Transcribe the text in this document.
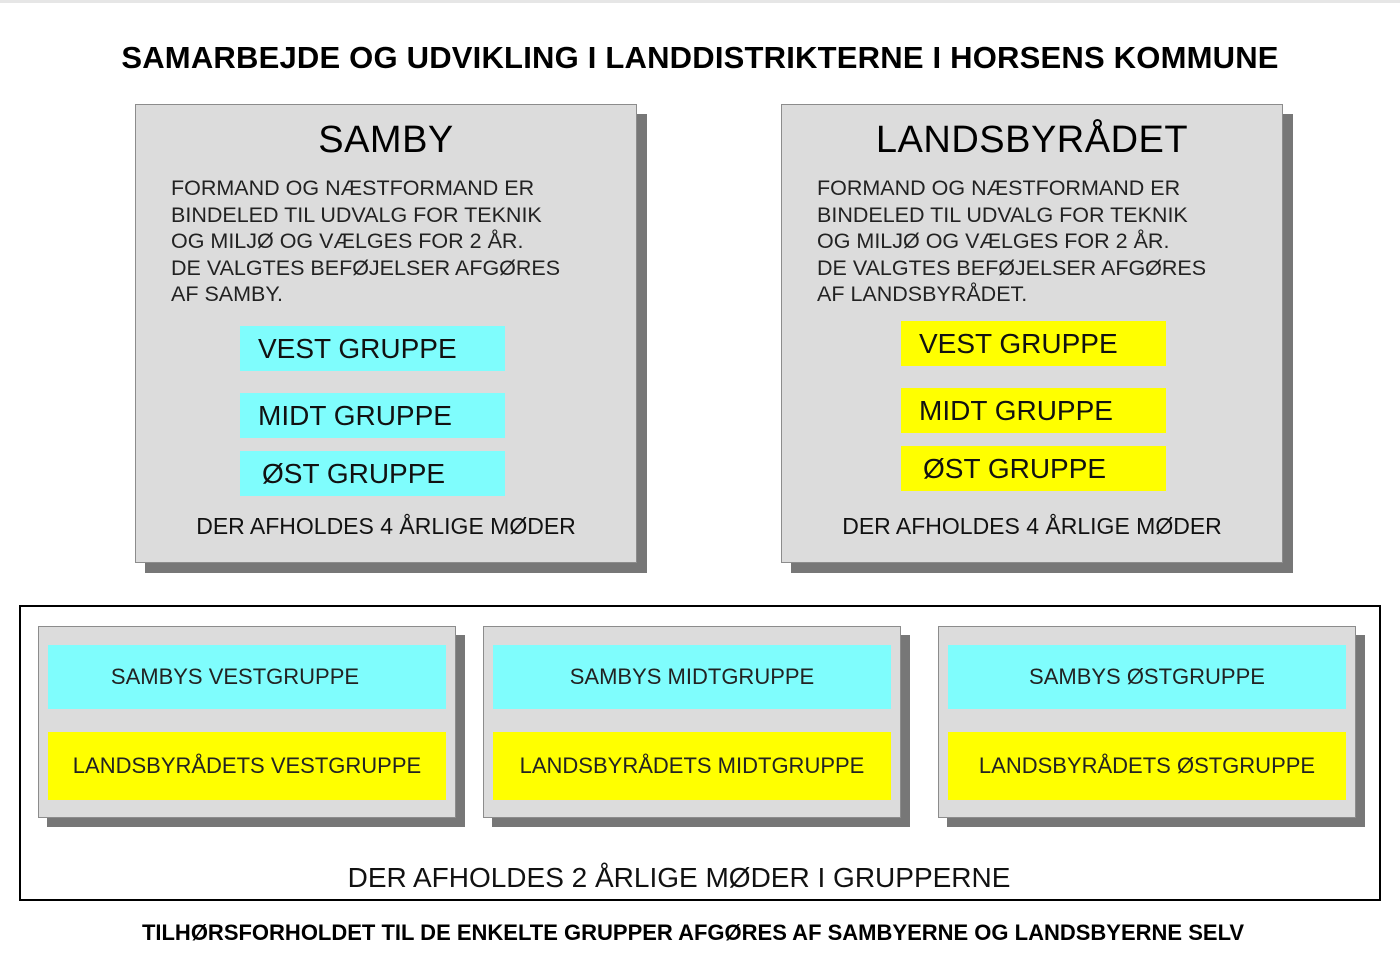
SAMARBEJDE OG UDVIKLING I LANDDISTRIKTERNE I HORSENS KOMMUNE
SAMBY
FORMAND OG NÆSTFORMAND ER
BINDELED TIL UDVALG FOR TEKNIK
OG MILJØ OG VÆLGES FOR 2 ÅR.
DE VALGTES BEFØJELSER AFGØRES
AF SAMBY.
VEST GRUPPE
MIDT GRUPPE
ØST GRUPPE
DER AFHOLDES 4 ÅRLIGE MØDER
LANDSBYRÅDET
FORMAND OG NÆSTFORMAND ER
BINDELED TIL UDVALG FOR TEKNIK
OG MILJØ OG VÆLGES FOR 2 ÅR.
DE VALGTES BEFØJELSER AFGØRES
AF LANDSBYRÅDET.
VEST GRUPPE
MIDT GRUPPE
ØST GRUPPE
DER AFHOLDES 4 ÅRLIGE MØDER
SAMBYS VESTGRUPPE
LANDSBYRÅDETS VESTGRUPPE
SAMBYS MIDTGRUPPE
LANDSBYRÅDETS MIDTGRUPPE
SAMBYS ØSTGRUPPE
LANDSBYRÅDETS ØSTGRUPPE
DER AFHOLDES 2 ÅRLIGE MØDER I GRUPPERNE
TILHØRSFORHOLDET TIL DE ENKELTE GRUPPER AFGØRES AF SAMBYERNE OG LANDSBYERNE SELV
